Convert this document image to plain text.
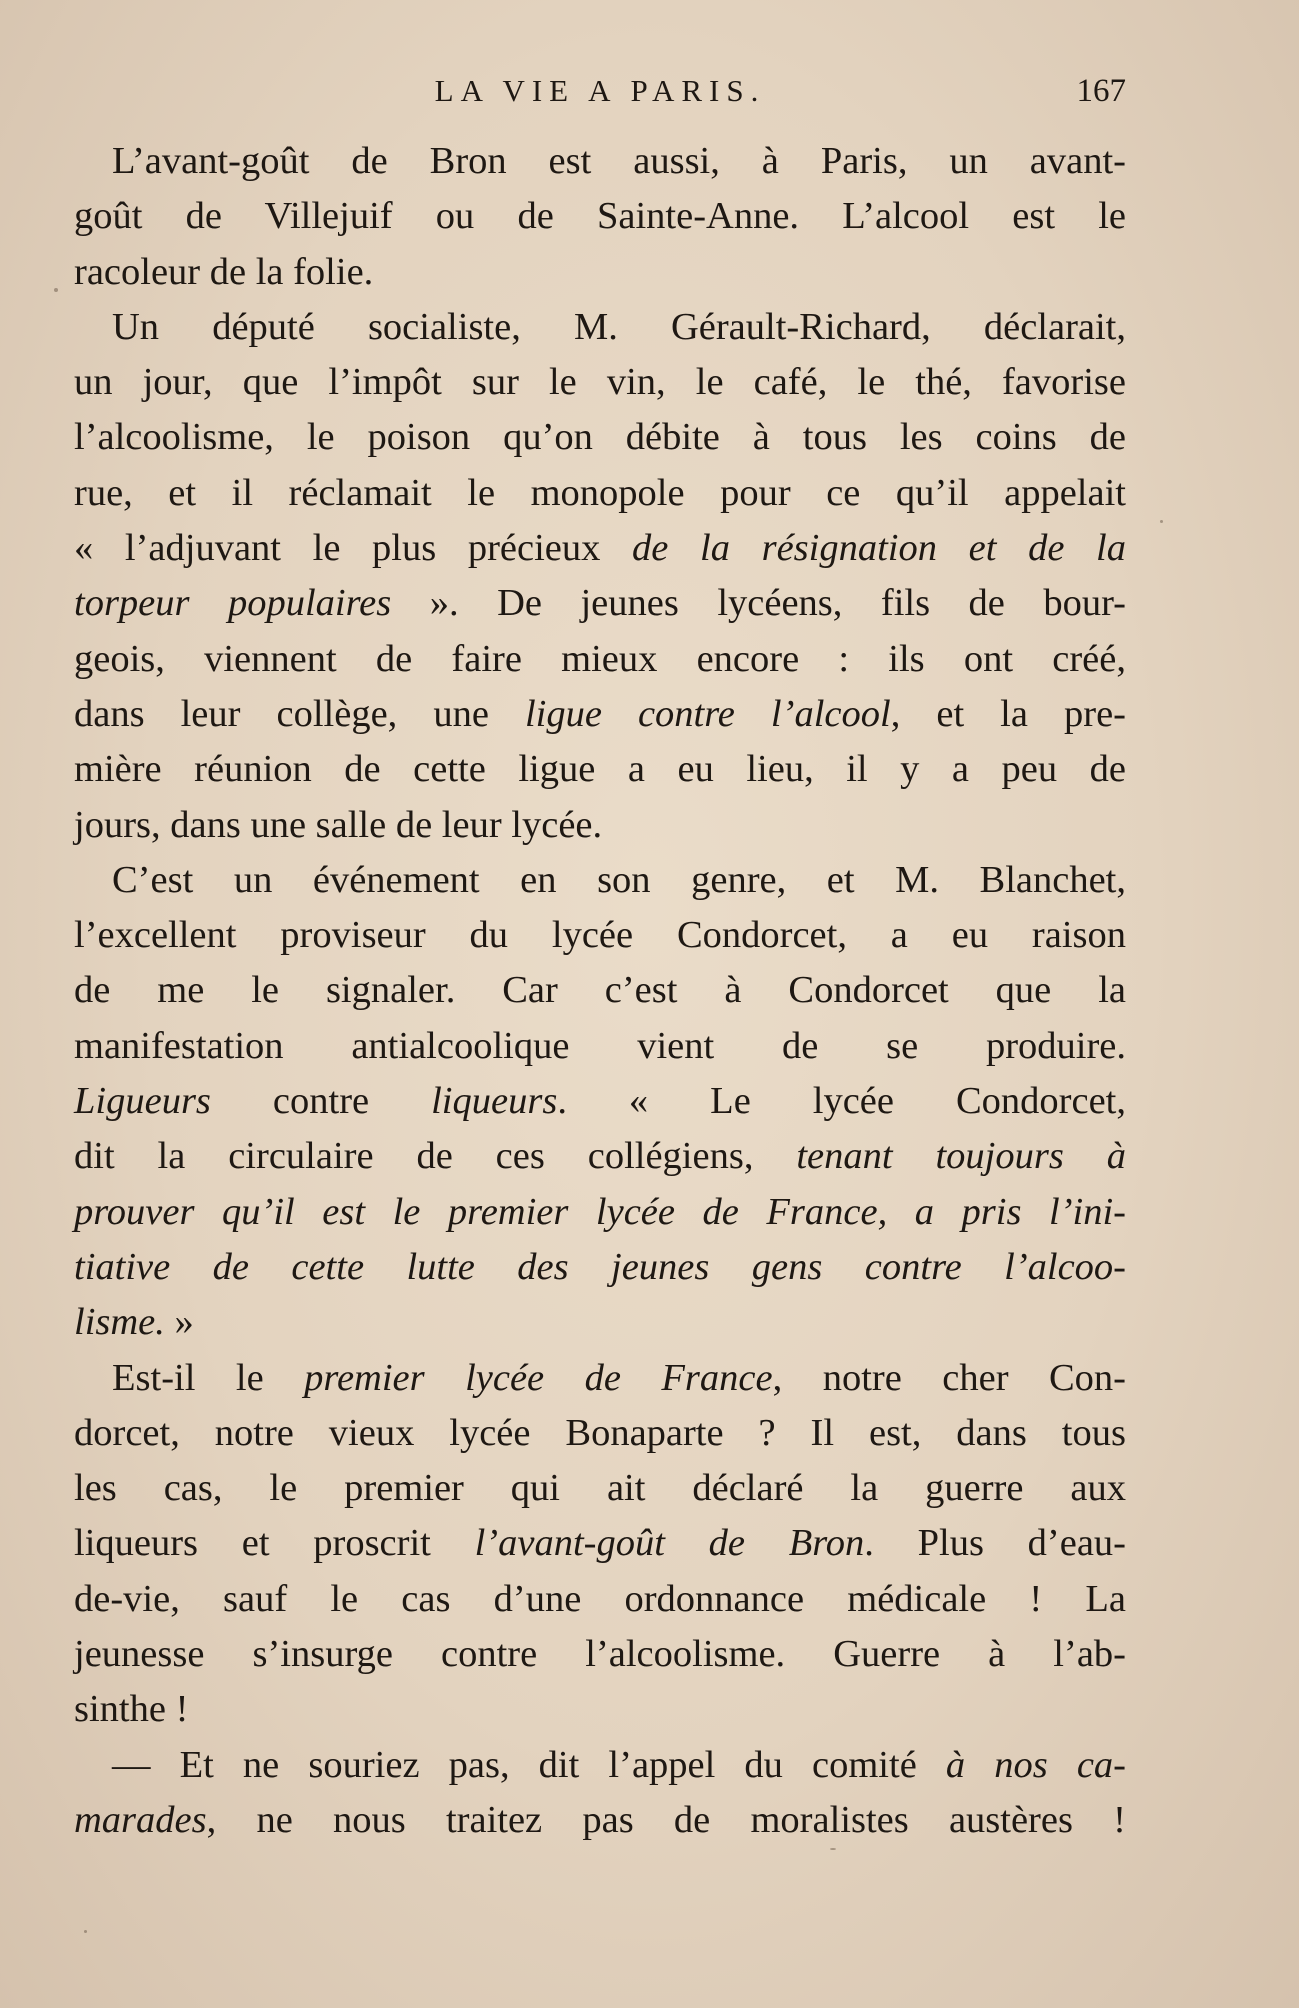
LA VIE A PARIS.	167
L’avant-goût de Bron est aussi, à Paris, un avant-
goût de Villejuif ou de Sainte-Anne. L’alcool est le
racoleur de la folie.
Un député socialiste, M. Gérault-Richard, déclarait,
un jour, que l’impôt sur le vin, le café, le thé, favorise
l’alcoolisme, le poison qu’on débite à tous les coins de
rue, et il réclamait le monopole pour ce qu’il appelait
« l’adjuvant le plus précieux de la résignation et de la
torpeur populaires ». De jeunes lycéens, fils de bour-
geois, viennent de faire mieux encore : ils ont créé,
dans leur collège, une ligue contre l’alcool, et la pre-
mière réunion de cette ligue a eu lieu, il y a peu de
jours, dans une salle de leur lycée.
C’est un événement en son genre, et M. Blanchet,
l’excellent proviseur du lycée Condorcet, a eu raison
de me le signaler. Car c’est à Condorcet que la
manifestation antialcoolique vient de se produire.
Ligueurs contre liqueurs. « Le lycée Condorcet,
dit la circulaire de ces collégiens, tenant toujours à
prouver qu’il est le premier lycée de France, a pris l’ini-
tiative de cette lutte des jeunes gens contre l’alcoo-
lisme. »
Est-il le premier lycée de France, notre cher Con-
dorcet, notre vieux lycée Bonaparte ? Il est, dans tous
les cas, le premier qui ait déclaré la guerre aux
liqueurs et proscrit l’avant-goût de Bron. Plus d’eau-
de-vie, sauf le cas d’une ordonnance médicale ! La
jeunesse s’insurge contre l’alcoolisme. Guerre à l’ab-
sinthe !
— Et ne souriez pas, dit l’appel du comité à nos ca-
marades, ne nous traitez pas de moralistes austères !
